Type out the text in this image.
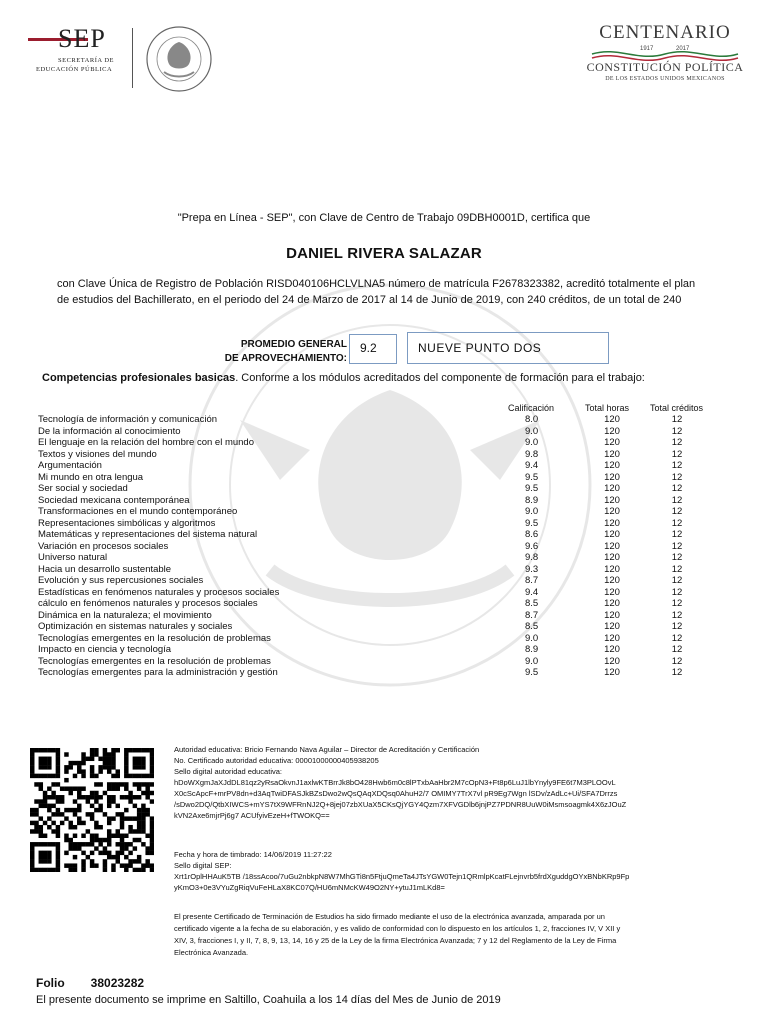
SEP
SECRETARÍA DE
EDUCACIÓN PÚBLICA
CENTENARIO
1917	2017
CONSTITUCIÓN POLÍTICA
DE LOS ESTADOS UNIDOS MEXICANOS
"Prepa en Línea - SEP", con Clave de Centro de Trabajo 09DBH0001D, certifica que
DANIEL RIVERA SALAZAR
con Clave Única de Registro de Población RISD040106HCLVLNA5 número de matrícula F2678323382, acreditó totalmente el plan
de estudios del Bachillerato, en el periodo del 24 de Marzo de 2017 al 14 de Junio de 2019, con 240 créditos, de un total de 240
PROMEDIO GENERAL
DE APROVECHAMIENTO:
9.2	NUEVE PUNTO DOS
Competencias profesionales basicas. Conforme a los módulos acreditados del componente de formación para el trabajo:
Calificación	Total horas Total créditos
Tecnología de información y comunicación	8.0	120	12
De la información al conocimiento	9.0	120	12
El lenguaje en la relación del hombre con el mundo	9.0	120	12
Textos y visiones del mundo	9.8	120	12
Argumentación	9.4	120	12
Mi mundo en otra lengua	9.5	120	12
Ser social y sociedad	9.5	120	12
Sociedad mexicana contemporánea	8.9	120	12
Transformaciones en el mundo contemporáneo	9.0	120	12
Representaciones simbólicas y algoritmos	9.5	120	12
Matemáticas y representaciones del sistema natural	8.6	120	12
Variación en procesos sociales	9.6	120	12
Universo natural	9.8	120	12
Hacia un desarrollo sustentable	9.3	120	12
Evolución y sus repercusiones sociales	8.7	120	12
Estadísticas en fenómenos naturales y procesos sociales	9.4	120	12
cálculo en fenómenos naturales y procesos sociales	8.5	120	12
Dinámica en la naturaleza; el movimiento	8.7	120	12
Optimización en sistemas naturales y sociales	8.5	120	12
Tecnologías emergentes en la resolución de problemas	9.0	120	12
Impacto en ciencia y tecnología	8.9	120	12
Tecnologías emergentes en la resolución de problemas	9.0	120	12
Tecnologías emergentes para la administración y gestión	9.5	120	12
Autoridad educativa: Bricio Fernando Nava Aguilar – Director de Acreditación y Certificación
No. Certificado autoridad educativa: 00001000000405938205
Sello digital autoridad educativa:
hDoWXgmJaXJdDL81qz2yRsaOkvnJ1axlwKTBrrJk8bO428Hwb6m0c8lPTxbAaHbr2M7cOpN3+Ft8p6LuJ1lbYnyly9FE6t7M3PLOOvL
X0cScApcF+mrPV8dn+d3AqTwiDFASJkBZsDwo2wQsQAqXDQsq0AhuH2/7 OMIMY7TrX7vl pR9Eg7Wgn lSDv/zAdLc+Ui/SFA7Drrzs
/sDwo2DQ/QtbXIWCS+mYS7tX9WFRnNJ2Q+8jej07zbXUaX5CKsQjYGY4Qzm7XFVGDlb6jnjPZ7PDNR8UuW0iMsmsoagmk4X6zJOuZ
kVN2Axe6mjrPj6g7 ACUfyivEzeH+fTWOKQ==
Fecha y hora de timbrado: 14/06/2019 11:27:22
Sello digital SEP:
Xrt1rOplHHAuK5TB /18ssAcoo/7uGu2nbkpN8W7MhGTi8n5FtjuQmeTa4JTsYGW0Tejn1QRmlpKcatFLejnvrb5frdXguddgOYxBNbKRp9Fp
yKmO3+0e3VYuZgRiqVuFeHLaX8KC07Q/HU6mNMcKW49O2NY+ytuJ1mLKd8=
El presente Certificado de Terminación de Estudios ha sido firmado mediante el uso de la electrónica avanzada, amparada por un
certificado vigente a la fecha de su elaboración, y es valido de conformidad con lo dispuesto en los artículos 1, 2, fracciones IV, V XII y
XIV, 3, fracciones I, y II, 7, 8, 9, 13, 14, 16 y 25 de la Ley de la firma Electrónica Avanzada; 7 y 12 del Reglamento de la Ley de Firma
Electrónica Avanzada.
Folio 38023282
El presente documento se imprime en Saltillo, Coahuila a los 14 días del Mes de Junio de 2019
